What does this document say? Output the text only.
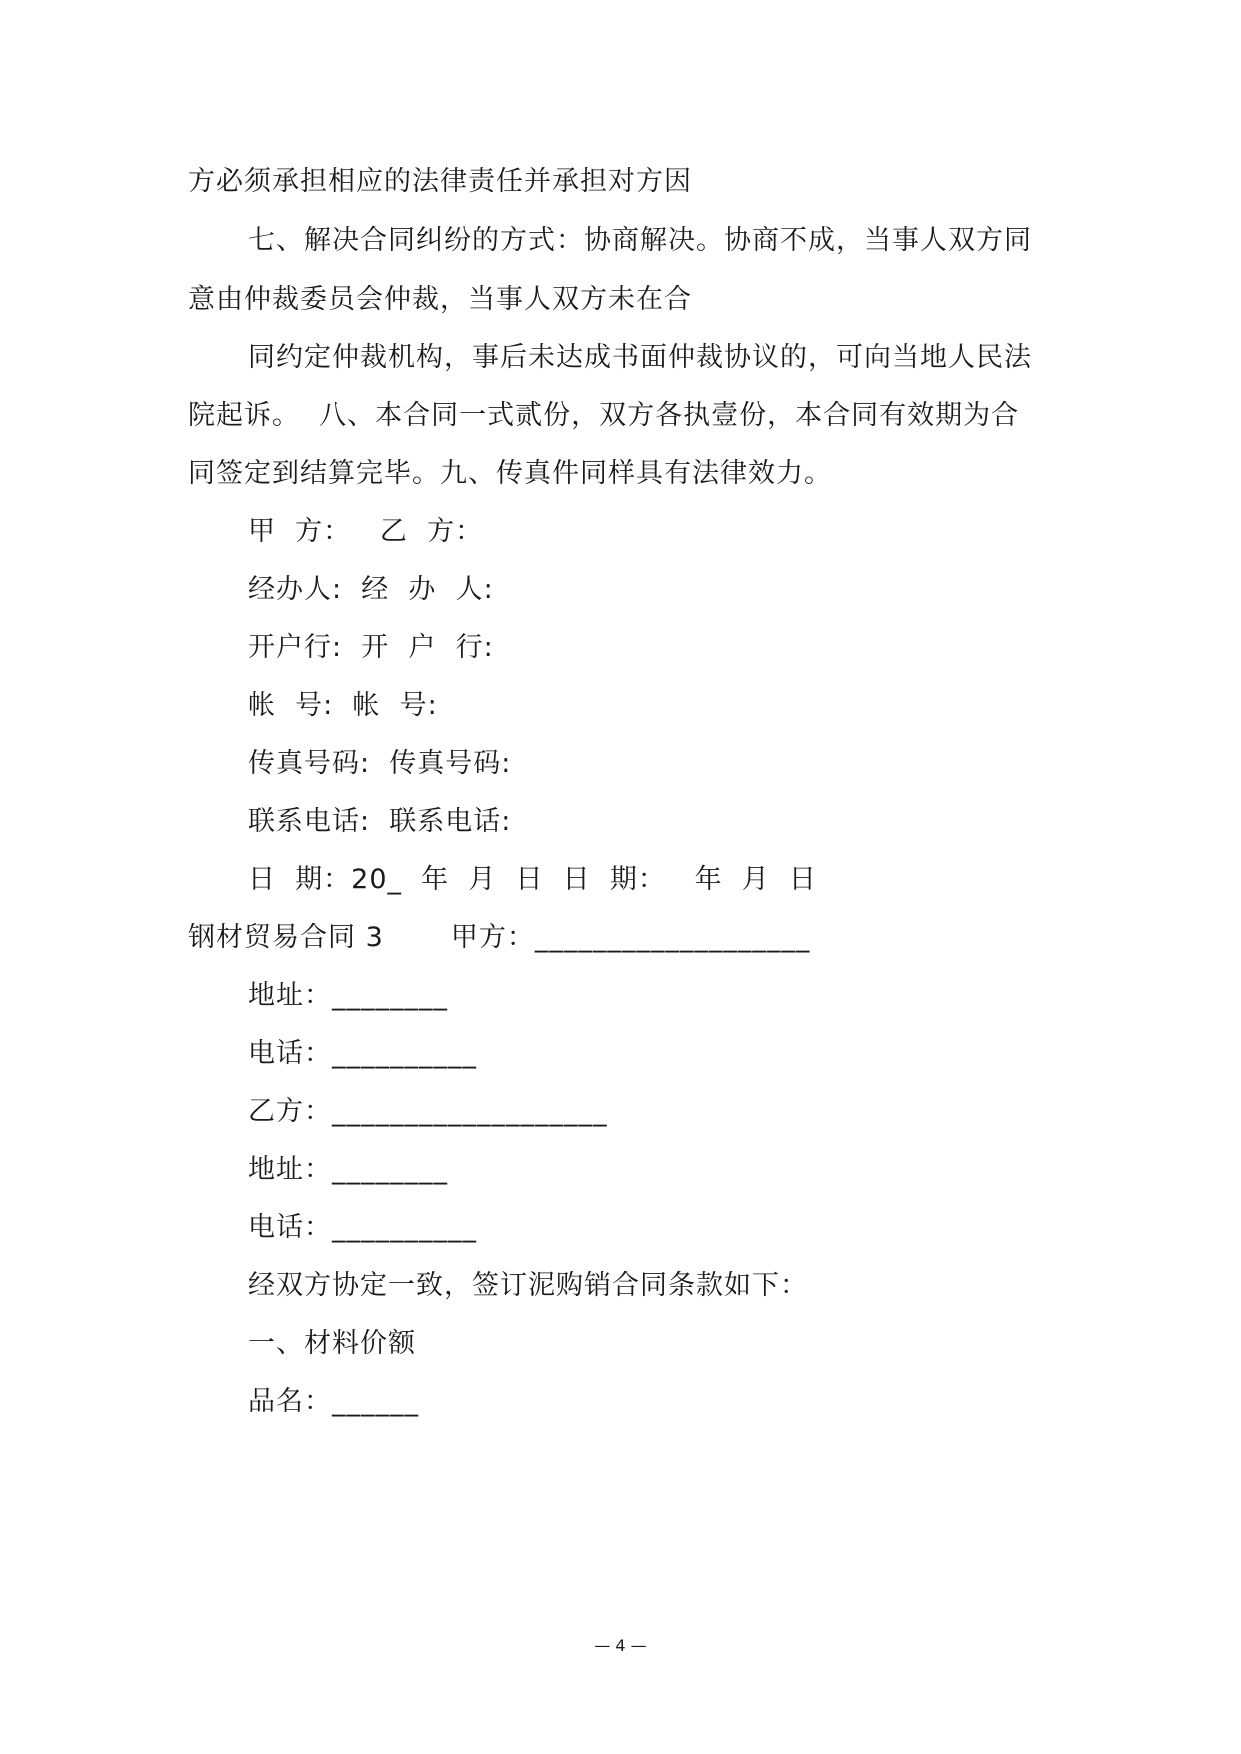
方必须承担相应的法律责任并承担对方因
七、解决合同纠纷的方式：协商解决。协商不成，当事人双方同
意由仲裁委员会仲裁，当事人双方未在合
同约定仲裁机构，事后未达成书面仲裁协议的，可向当地人民法
院起诉。  八、本合同一式贰份，双方各执壹份，本合同有效期为合
同签定到结算完毕。九、传真件同样具有法律效力。
甲  方：   乙  方：
经办人:  经  办  人:
开户行:  开  户  行:
帐  号:  帐  号:
传真号码:  传真号码:
联系电话:  联系电话:
日  期：20_  年  月  日  日  期：   年  月  日
钢材贸易合同 3       甲方：___________________
地址：________
电话：__________
乙方：___________________
地址：________
电话：__________
经双方协定一致，签订泥购销合同条款如下：
一、材料价额
品名：______
— 4 —
